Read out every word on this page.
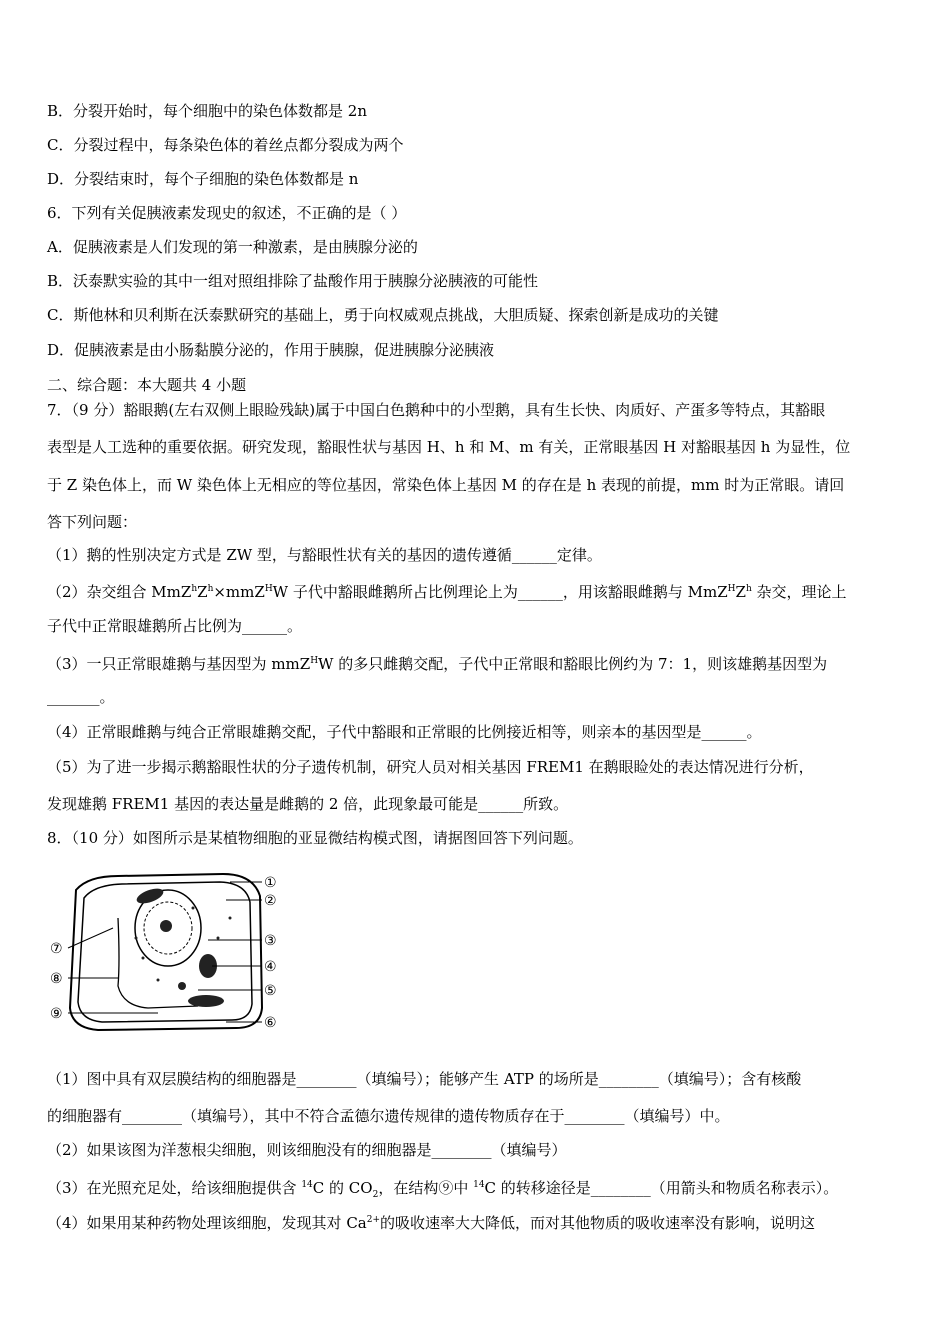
B．分裂开始时，每个细胞中的染色体数都是 2n
C．分裂过程中，每条染色体的着丝点都分裂成为两个
D．分裂结束时，每个子细胞的染色体数都是 n
6．下列有关促胰液素发现史的叙述，不正确的是（ ）
A．促胰液素是人们发现的第一种激素，是由胰腺分泌的
B．沃泰默实验的其中一组对照组排除了盐酸作用于胰腺分泌胰液的可能性
C．斯他林和贝利斯在沃泰默研究的基础上，勇于向权威观点挑战，大胆质疑、探索创新是成功的关键
D．促胰液素是由小肠黏膜分泌的，作用于胰腺，促进胰腺分泌胰液
二、综合题：本大题共 4 小题
7．（9 分）豁眼鹅(左右双侧上眼睑残缺)属于中国白色鹅种中的小型鹅，具有生长快、肉质好、产蛋多等特点，其豁眼
表型是人工选种的重要依据。研究发现，豁眼性状与基因 H、h 和 M、m 有关，正常眼基因 H 对豁眼基因 h 为显性，位
于 Z 染色体上，而 W 染色体上无相应的等位基因，常染色体上基因 M 的存在是 h 表现的前提，mm 时为正常眼。请回
答下列问题：
（1）鹅的性别决定方式是 ZW 型，与豁眼性状有关的基因的遗传遵循______定律。
（2）杂交组合 $MmZ^hZ^h\times mmZ^HW$ 子代中豁眼雌鹅所占比例理论上为______，用该豁眼雌鹅与 $MmZ^HZ^h$ 杂交，理论上
子代中正常眼雄鹅所占比例为______。
（3）一只正常眼雄鹅与基因型为 mmZ$^H$W 的多只雌鹅交配，子代中正常眼和豁眼比例约为 7：1，则该雄鹅基因型为
_______。
（4）正常眼雌鹅与纯合正常眼雄鹅交配，子代中豁眼和正常眼的比例接近相等，则亲本的基因型是______。
（5）为了进一步揭示鹅豁眼性状的分子遗传机制，研究人员对相关基因 FREM1 在鹅眼睑处的表达情况进行分析，
发现雄鹅 FREM1 基因的表达量是雌鹅的 2 倍，此现象最可能是______所致。
8．（10 分）如图所示是某植物细胞的亚显微结构模式图，请据图回答下列问题。
①
②
③
④
⑤
⑥
⑦
⑧
⑨
（1）图中具有双层膜结构的细胞器是________（填编号）；能够产生 ATP 的场所是________（填编号）；含有核酸
的细胞器有________（填编号），其中不符合孟德尔遗传规律的遗传物质存在于________（填编号）中。
（2）如果该图为洋葱根尖细胞，则该细胞没有的细胞器是________（填编号）
（3）在光照充足处，给该细胞提供含 $^{14}$C 的 $CO_2$，在结构⑨中 $^{14}$C 的转移途径是________（用箭头和物质名称表示）。
（4）如果用某种药物处理该细胞，发现其对 $Ca^{2+}$的吸收速率大大降低，而对其他物质的吸收速率没有影响，说明这
